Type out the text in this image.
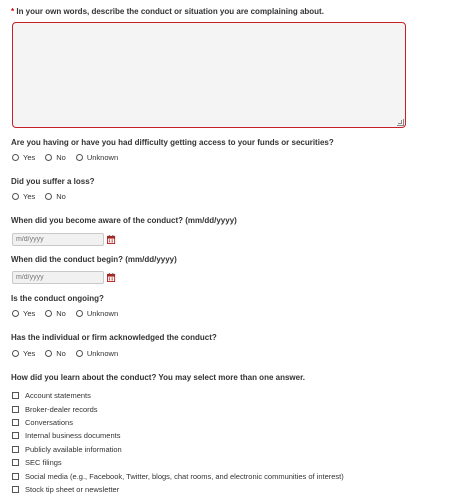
* In your own words, describe the conduct or situation you are complaining about.
Are you having or have you had difficulty getting access to your funds or securities?
Yes	No	Unknown
Did you suffer a loss?
Yes	No
When did you become aware of the conduct? (mm/dd/yyyy)
m/d/yyyy
When did the conduct begin? (mm/dd/yyyy)
m/d/yyyy
Is the conduct ongoing?
Yes	No	Unknown
Has the individual or firm acknowledged the conduct?
Yes	No	Unknown
How did you learn about the conduct? You may select more than one answer.
Account statements
Broker-dealer records
Conversations
Internal business documents
Publicly available information
SEC filings
Social media (e.g., Facebook, Twitter, blogs, chat rooms, and electronic communities of interest)
Stock tip sheet or newsletter
